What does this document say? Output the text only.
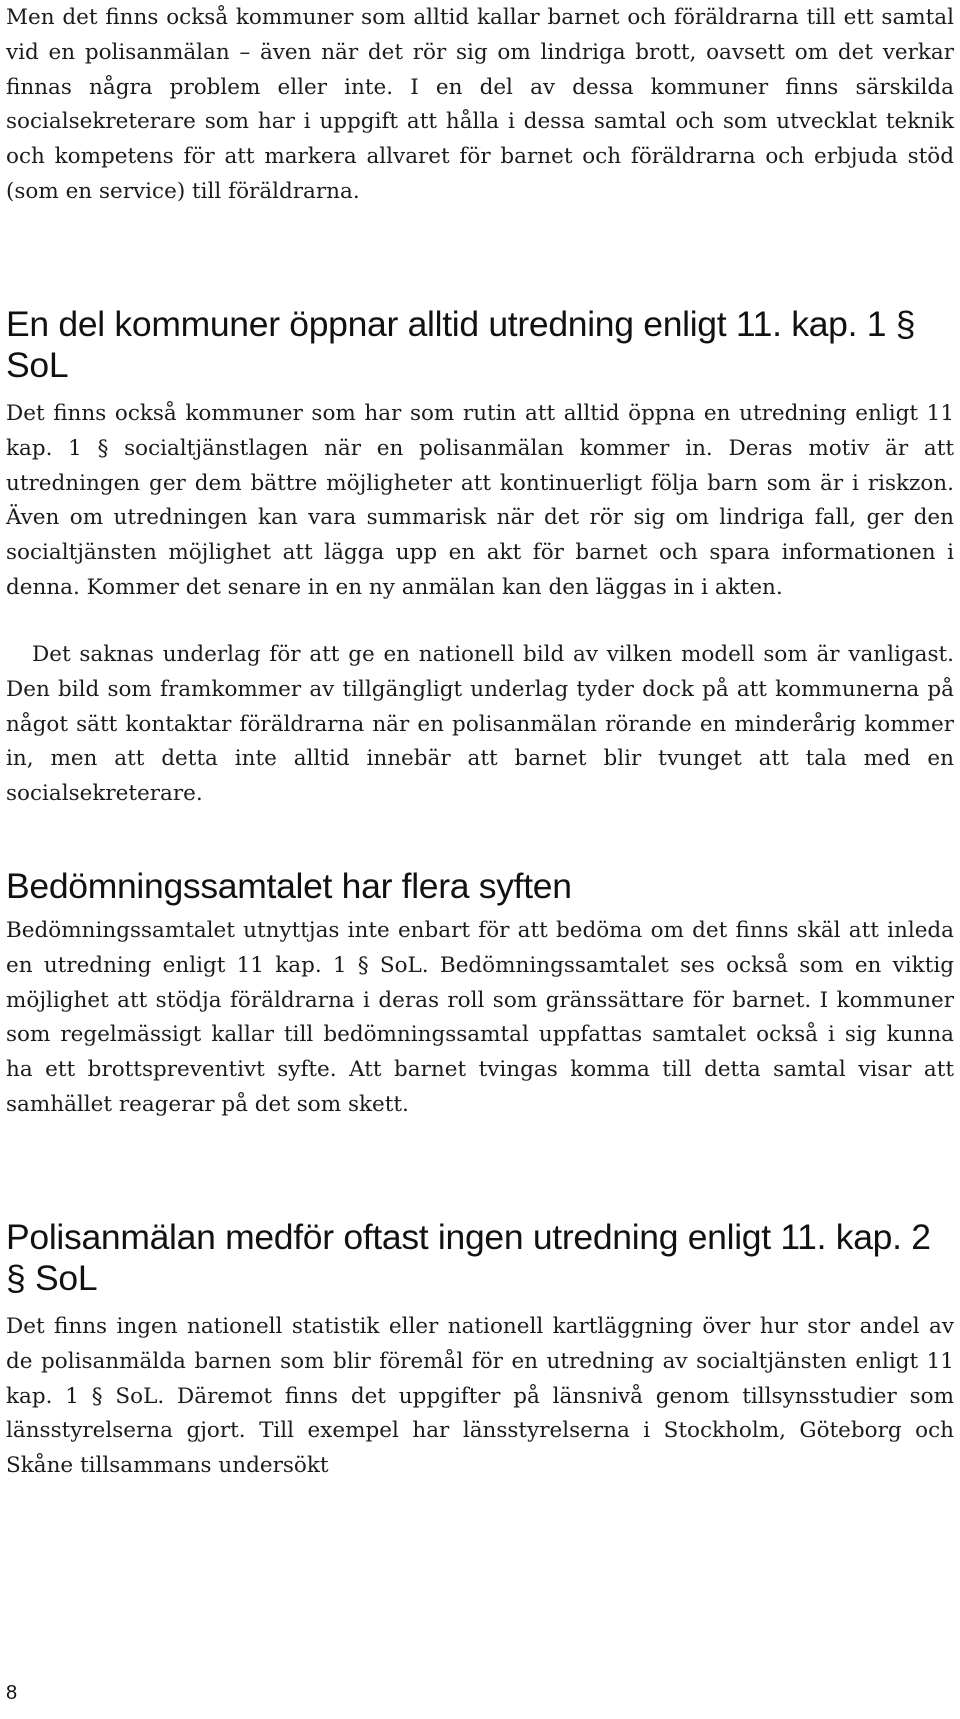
Men det finns också kommuner som alltid kallar barnet och föräldrarna till ett samtal vid en polisanmälan – även när det rör sig om lindriga brott, oavsett om det verkar finnas några problem eller inte. I en del av dessa kommuner finns särskilda socialsekreterare som har i uppgift att hålla i dessa samtal och som utvecklat teknik och kompetens för att markera allvaret för barnet och föräldrarna och erbjuda stöd (som en service) till föräldrarna.

En del kommuner öppnar alltid utredning enligt 11. kap. 1 § SoL

Det finns också kommuner som har som rutin att alltid öppna en utredning enligt 11 kap. 1 § socialtjänstlagen när en polisanmälan kommer in. Deras motiv är att utredningen ger dem bättre möjligheter att kontinuerligt följa barn som är i riskzon. Även om utredningen kan vara summarisk när det rör sig om lindriga fall, ger den socialtjänsten möjlighet att lägga upp en akt för barnet och spara informationen i denna. Kommer det senare in en ny anmälan kan den läggas in i akten.

Det saknas underlag för att ge en nationell bild av vilken modell som är vanligast. Den bild som framkommer av tillgängligt underlag tyder dock på att kommunerna på något sätt kontaktar föräldrarna när en polisanmälan rörande en minderårig kommer in, men att detta inte alltid innebär att barnet blir tvunget att tala med en socialsekreterare.

Bedömningssamtalet har flera syften

Bedömningssamtalet utnyttjas inte enbart för att bedöma om det finns skäl att inleda en utredning enligt 11 kap. 1 § SoL. Bedömningssamtalet ses också som en viktig möjlighet att stödja föräldrarna i deras roll som gränssättare för barnet. I kommuner som regelmässigt kallar till bedömningssamtal uppfattas samtalet också i sig kunna ha ett brottspreventivt syfte. Att barnet tvingas komma till detta samtal visar att samhället reagerar på det som skett.

Polisanmälan medför oftast ingen utredning enligt 11. kap. 2 § SoL

Det finns ingen nationell statistik eller nationell kartläggning över hur stor andel av de polisanmälda barnen som blir föremål för en utredning av socialtjänsten enligt 11 kap. 1 § SoL. Däremot finns det uppgifter på länsnivå genom tillsynsstudier som länsstyrelserna gjort. Till exempel har länsstyrelserna i Stockholm, Göteborg och Skåne tillsammans undersökt

8
